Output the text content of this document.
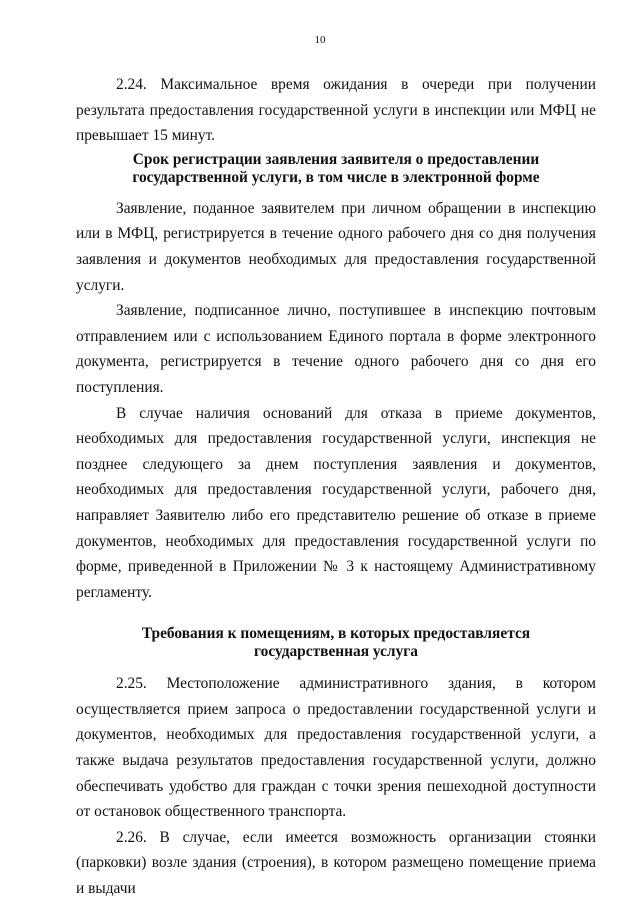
10

2.24. Максимальное время ожидания в очереди при получении результата предоставления государственной услуги в инспекции или МФЦ не превышает 15 минут.

Срок регистрации заявления заявителя о предоставлении государственной услуги, в том числе в электронной форме

Заявление, поданное заявителем при личном обращении в инспекцию или в МФЦ, регистрируется в течение одного рабочего дня со дня получения заявления и документов необходимых для предоставления государственной услуги.

Заявление, подписанное лично, поступившее в инспекцию почтовым отправлением или с использованием Единого портала в форме электронного документа, регистрируется в течение одного рабочего дня со дня его поступления.

В случае наличия оснований для отказа в приеме документов, необходимых для предоставления государственной услуги, инспекция не позднее следующего за днем поступления заявления и документов, необходимых для предоставления государственной услуги, рабочего дня, направляет Заявителю либо его представителю решение об отказе в приеме документов, необходимых для предоставления государственной услуги по форме, приведенной в Приложении № 3 к настоящему Административному регламенту.

Требования к помещениям, в которых предоставляется государственная услуга

2.25. Местоположение административного здания, в котором осуществляется прием запроса о предоставлении государственной услуги и документов, необходимых для предоставления государственной услуги, а также выдача результатов предоставления государственной услуги, должно обеспечивать удобство для граждан с точки зрения пешеходной доступности от остановок общественного транспорта.

2.26. В случае, если имеется возможность организации стоянки (парковки) возле здания (строения), в котором размещено помещение приема и выдачи
